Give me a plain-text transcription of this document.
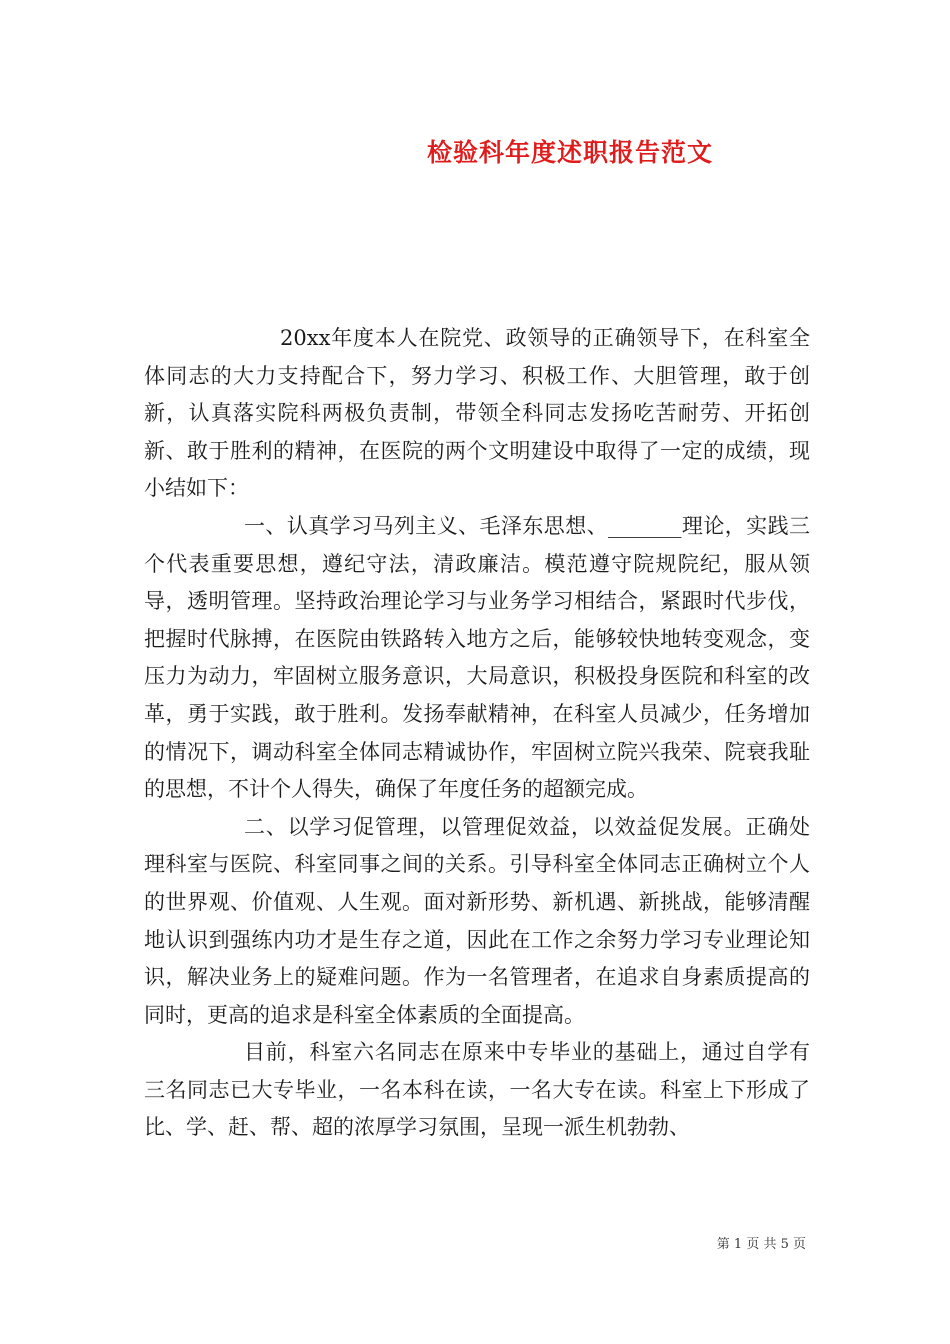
检验科年度述职报告范文

20xx年度本人在院党、政领导的正确领导下，在科室全体同志的大力支持配合下，努力学习、积极工作、大胆管理，敢于创新，认真落实院科两极负责制，带领全科同志发扬吃苦耐劳、开拓创新、敢于胜利的精神，在医院的两个文明建设中取得了一定的成绩，现小结如下：

一、认真学习马列主义、毛泽东思想、_______理论，实践三个代表重要思想，遵纪守法，清政廉洁。模范遵守院规院纪，服从领导，透明管理。坚持政治理论学习与业务学习相结合，紧跟时代步伐，把握时代脉搏，在医院由铁路转入地方之后，能够较快地转变观念，变压力为动力，牢固树立服务意识，大局意识，积极投身医院和科室的改革，勇于实践，敢于胜利。发扬奉献精神，在科室人员减少，任务增加的情况下，调动科室全体同志精诚协作，牢固树立院兴我荣、院衰我耻的思想，不计个人得失，确保了年度任务的超额完成。

二、以学习促管理，以管理促效益，以效益促发展。正确处理科室与医院、科室同事之间的关系。引导科室全体同志正确树立个人的世界观、价值观、人生观。面对新形势、新机遇、新挑战，能够清醒地认识到强练内功才是生存之道，因此在工作之余努力学习专业理论知识，解决业务上的疑难问题。作为一名管理者，在追求自身素质提高的同时，更高的追求是科室全体素质的全面提高。

目前，科室六名同志在原来中专毕业的基础上，通过自学有三名同志已大专毕业，一名本科在读，一名大专在读。科室上下形成了比、学、赶、帮、超的浓厚学习氛围，呈现一派生机勃勃、

第 1 页 共 5 页
